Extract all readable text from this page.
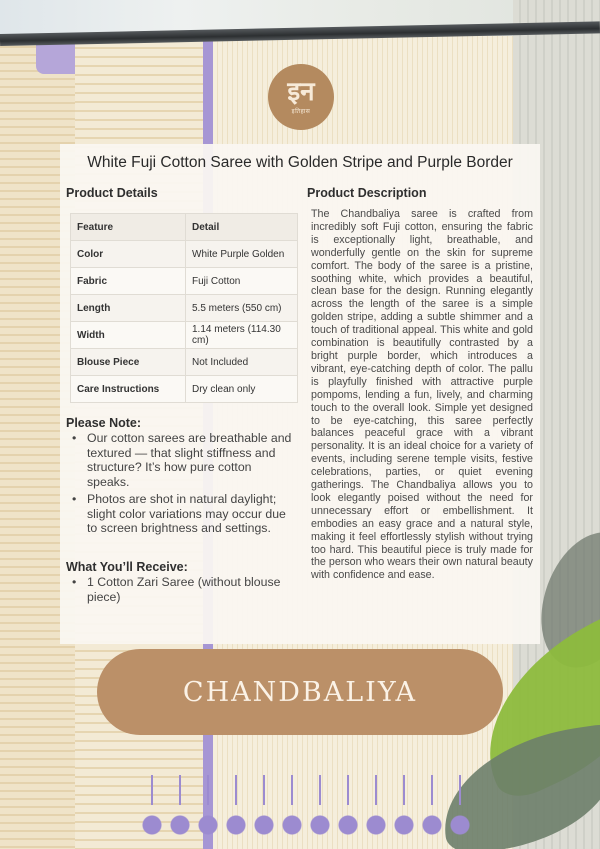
इन
इतिहास
White Fuji Cotton Saree with Golden Stripe and Purple Border
Product Details
Feature	Detail
Color	White Purple Golden
Fabric	Fuji Cotton
Length	5.5 meters (550 cm)
Width	1.14 meters (114.30 cm)
Blouse Piece	Not Included
Care Instructions	Dry clean only
Please Note:
• Our cotton sarees are breathable and textured — that slight stiffness and structure? It’s how pure cotton speaks.
• Photos are shot in natural daylight; slight color variations may occur due to screen brightness and settings.
What You’ll Receive:
• 1 Cotton Zari Saree (without blouse piece)
Product Description
The Chandbaliya saree is crafted from incredibly soft Fuji cotton, ensuring the fabric is exceptionally light, breathable, and wonderfully gentle on the skin for supreme comfort. The body of the saree is a pristine, soothing white, which provides a beautiful, clean base for the design. Running elegantly across the length of the saree is a simple golden stripe, adding a subtle shimmer and a touch of traditional appeal. This white and gold combination is beautifully contrasted by a bright purple border, which introduces a vibrant, eye-catching depth of color. The pallu is playfully finished with attractive purple pompoms, lending a fun, lively, and charming touch to the overall look. Simple yet designed to be eye-catching, this saree perfectly balances peaceful grace with a vibrant personality. It is an ideal choice for a variety of events, including serene temple visits, festive celebrations, parties, or quiet evening gatherings. The Chandbaliya allows you to look elegantly poised without the need for unnecessary effort or embellishment. It embodies an easy grace and a natural style, making it feel effortlessly stylish without trying too hard. This beautiful piece is truly made for the person who wears their own natural beauty with confidence and ease.
CHANDBALIYA
